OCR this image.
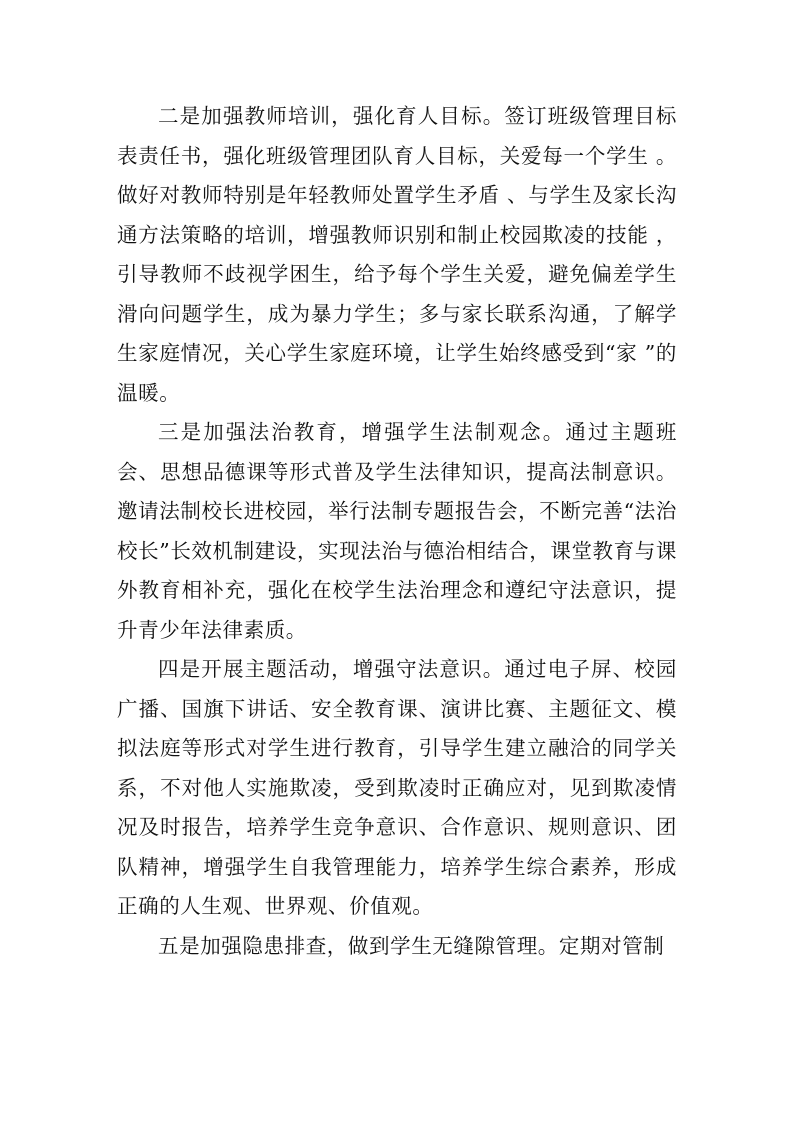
二是加强教师培训，强化育人目标。签订班级管理目标表责任书，强化班级管理团队育人目标，关爱每一个学生 。做好对教师特别是年轻教师处置学生矛盾 、与学生及家长沟通方法策略的培训，增强教师识别和制止校园欺凌的技能 ，引导教师不歧视学困生，给予每个学生关爱，避免偏差学生滑向问题学生，成为暴力学生；多与家长联系沟通，了解学生家庭情况，关心学生家庭环境，让学生始终感受到“家 ”的温暖。

三是加强法治教育，增强学生法制观念。通过主题班会、思想品德课等形式普及学生法律知识，提高法制意识。邀请法制校长进校园，举行法制专题报告会，不断完善“法治校长”长效机制建设，实现法治与德治相结合，课堂教育与课外教育相补充，强化在校学生法治理念和遵纪守法意识，提升青少年法律素质。

四是开展主题活动，增强守法意识。通过电子屏、校园广播、国旗下讲话、安全教育课、演讲比赛、主题征文、模拟法庭等形式对学生进行教育，引导学生建立融洽的同学关系，不对他人实施欺凌，受到欺凌时正确应对，见到欺凌情况及时报告，培养学生竞争意识、合作意识、规则意识、团队精神，增强学生自我管理能力，培养学生综合素养，形成正确的人生观、世界观、价值观。

五是加强隐患排查，做到学生无缝隙管理。定期对管制
